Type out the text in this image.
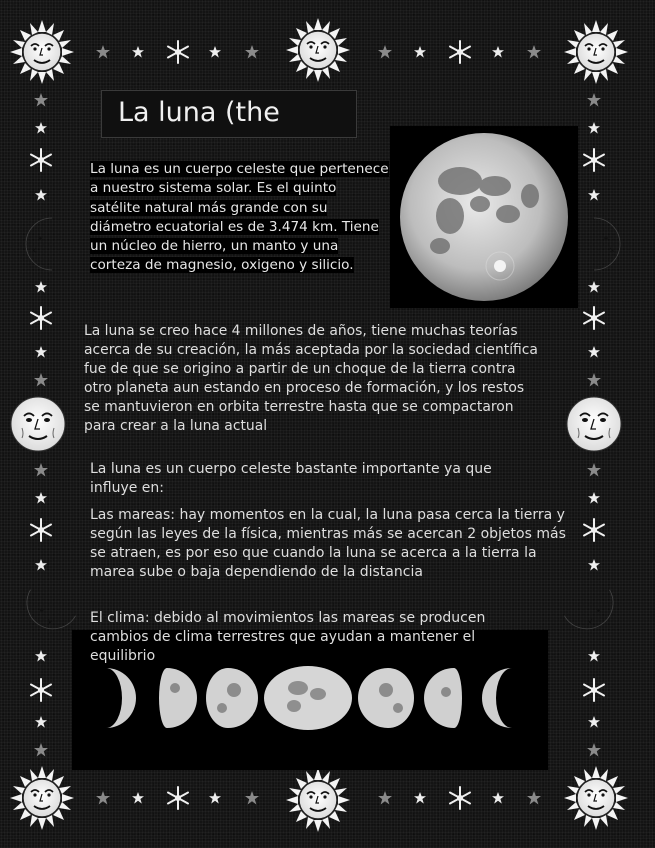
La luna (the
La luna es un cuerpo celeste que pertenece a nuestro sistema solar. Es el quinto satélite natural más grande con su diámetro ecuatorial es de 3.474 km. Tiene un núcleo de hierro, un manto y una corteza de magnesio, oxigeno y silicio.
La luna se creo hace 4 millones de años, tiene muchas teorías acerca de su creación, la más aceptada por la sociedad científica fue de que se origino a partir de un choque de la tierra contra otro planeta aun estando en proceso de formación, y los restos se mantuvieron en orbita terrestre hasta que se compactaron para crear a la luna actual
La luna es un cuerpo celeste bastante importante ya que influye en:
Las mareas: hay momentos en la cual, la luna pasa cerca la tierra y según las leyes de la física, mientras más se acercan 2 objetos más se atraen, es por eso que cuando la luna se acerca a la tierra la marea sube o baja dependiendo de la distancia
El clima: debido al movimientos las mareas se producen cambios de clima terrestres que ayudan a mantener el equilibrio
